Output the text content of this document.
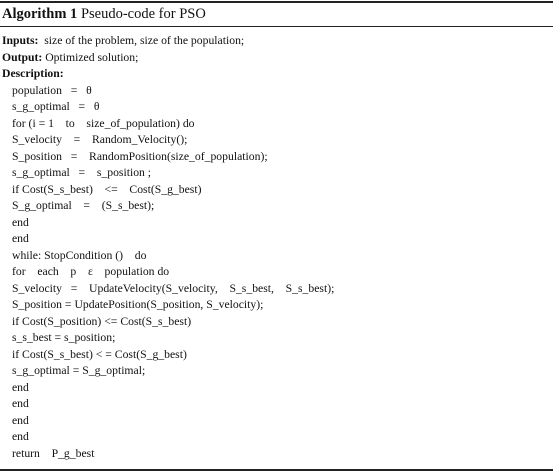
Algorithm 1 Pseudo-code for PSO
Inputs: size of the problem, size of the population;
Output: Optimized solution;
Description:
population   =   θ
s_g_optimal   =   θ
for (i = 1    to    size_of_population) do
S_velocity    =    Random_Velocity();
S_position   =    RandomPosition(size_of_population);
s_g_optimal   =    s_position ;
if Cost(S_s_best)    <=    Cost(S_g_best)
S_g_optimal    =    (S_s_best);
end
end
while: StopCondition ()    do
for    each    p    ε    population do
S_velocity   =    UpdateVelocity(S_velocity,    S_s_best,    S_s_best);
S_position = UpdatePosition(S_position, S_velocity);
if Cost(S_position) <= Cost(S_s_best)
s_s_best = s_position;
if Cost(S_s_best) < = Cost(S_g_best)
s_g_optimal = S_g_optimal;
end
end
end
end
return    P_g_best
